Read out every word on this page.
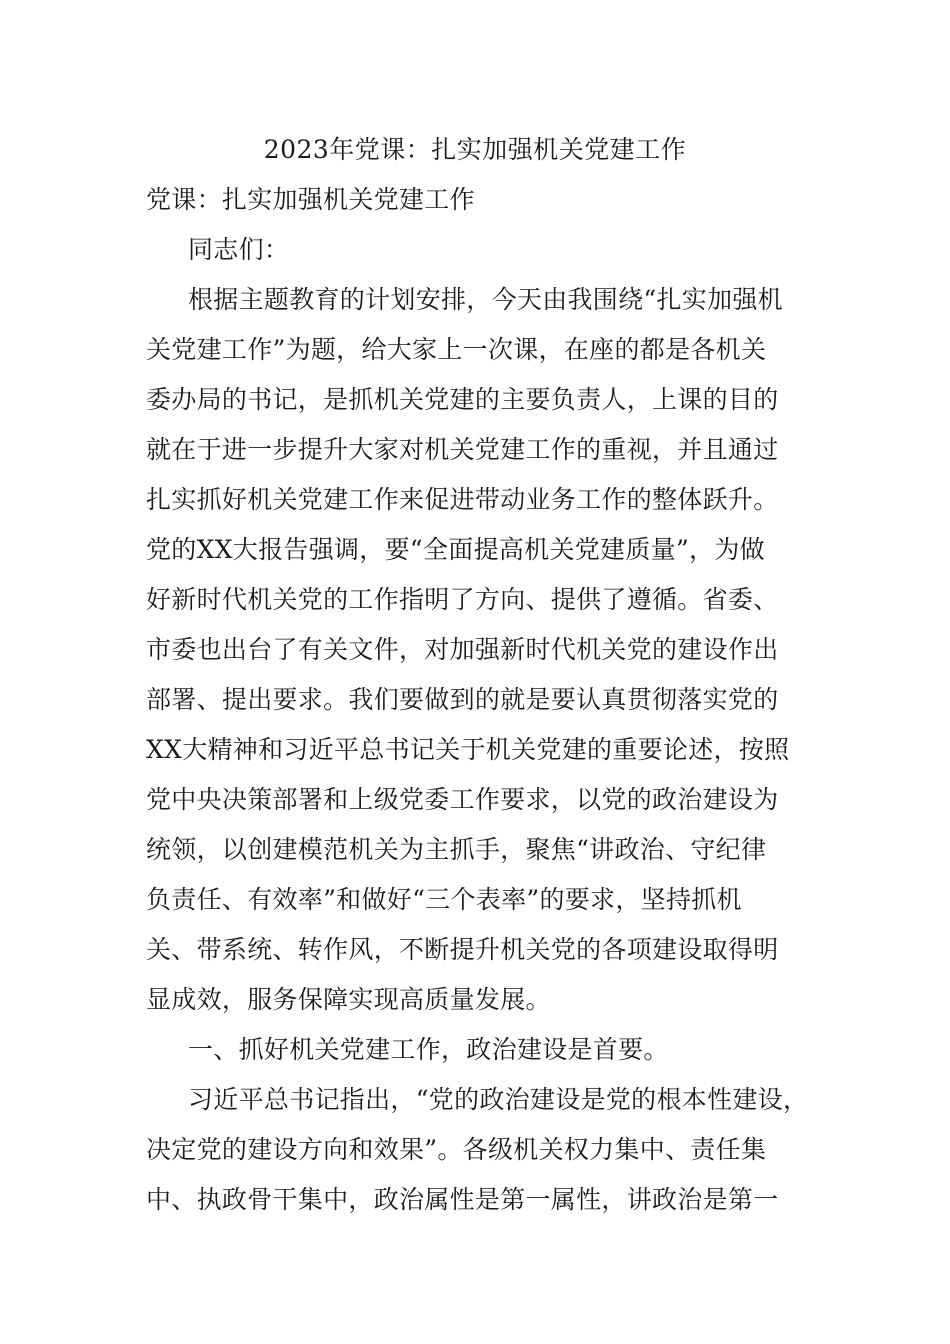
2023年党课：扎实加强机关党建工作
党课：扎实加强机关党建工作
同志们：
根据主题教育的计划安排，今天由我围绕“扎实加强机
关党建工作”为题，给大家上一次课，在座的都是各机关
委办局的书记，是抓机关党建的主要负责人，上课的目的
就在于进一步提升大家对机关党建工作的重视，并且通过
扎实抓好机关党建工作来促进带动业务工作的整体跃升。
党的XX大报告强调，要“全面提高机关党建质量”，为做
好新时代机关党的工作指明了方向、提供了遵循。省委、
市委也出台了有关文件，对加强新时代机关党的建设作出
部署、提出要求。我们要做到的就是要认真贯彻落实党的
XX大精神和习近平总书记关于机关党建的重要论述，按照
党中央决策部署和上级党委工作要求，以党的政治建设为
统领，以创建模范机关为主抓手，聚焦“讲政治、守纪律
负责任、有效率”和做好“三个表率”的要求，坚持抓机
关、带系统、转作风，不断提升机关党的各项建设取得明
显成效，服务保障实现高质量发展。
一、抓好机关党建工作，政治建设是首要。
习近平总书记指出，“党的政治建设是党的根本性建设，
决定党的建设方向和效果”。各级机关权力集中、责任集
中、执政骨干集中，政治属性是第一属性，讲政治是第一
